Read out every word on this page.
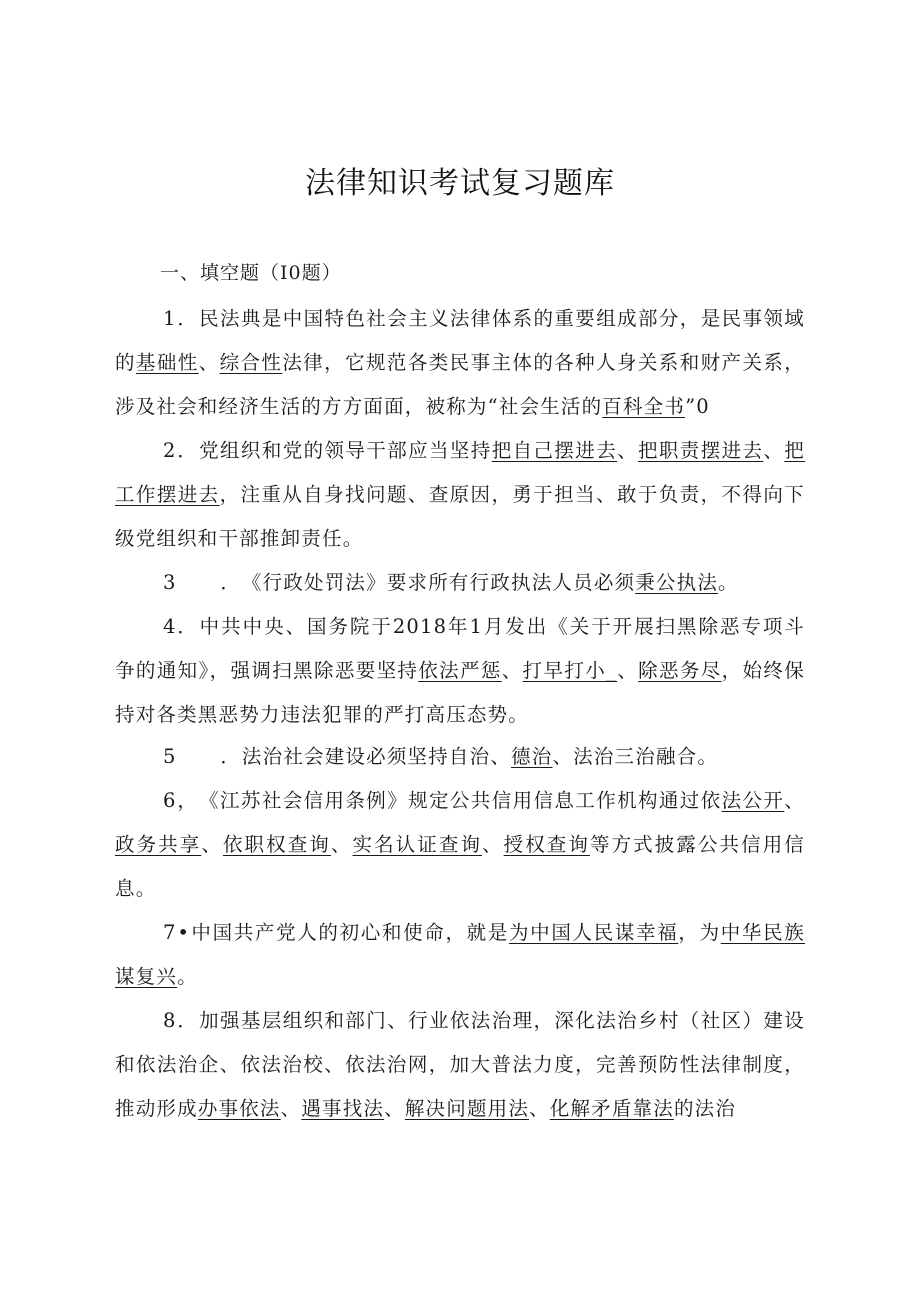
法律知识考试复习题库
一、填空题（I0题）
1．民法典是中国特色社会主义法律体系的重要组成部分，是民事领域的基础性、综合性法律，它规范各类民事主体的各种人身关系和财产关系，涉及社会和经济生活的方方面面，被称为“社会生活的百科全书”0
2．党组织和党的领导干部应当坚持把自己摆进去、把职责摆进去、把工作摆进去，注重从自身找问题、查原因，勇于担当、敢于负责，不得向下级党组织和干部推卸责任。
3　　．《行政处罚法》要求所有行政执法人员必须秉公执法。
4．中共中央、国务院于2018年1月发出《关于开展扫黑除恶专项斗争的通知》，强调扫黑除恶要坚持依法严惩、打早打小_、除恶务尽，始终保持对各类黑恶势力违法犯罪的严打高压态势。
5　　．法治社会建设必须坚持自治、德治、法治三治融合。
6，《江苏社会信用条例》规定公共信用信息工作机构通过依法公开、政务共享、依职权查询、实名认证查询、授权查询等方式披露公共信用信息。
7•中国共产党人的初心和使命，就是为中国人民谋幸福，为中华民族谋复兴。
8．加强基层组织和部门、行业依法治理，深化法治乡村（社区）建设和依法治企、依法治校、依法治网，加大普法力度，完善预防性法律制度，推动形成办事依法、遇事找法、解决问题用法、化解矛盾靠法的法治
